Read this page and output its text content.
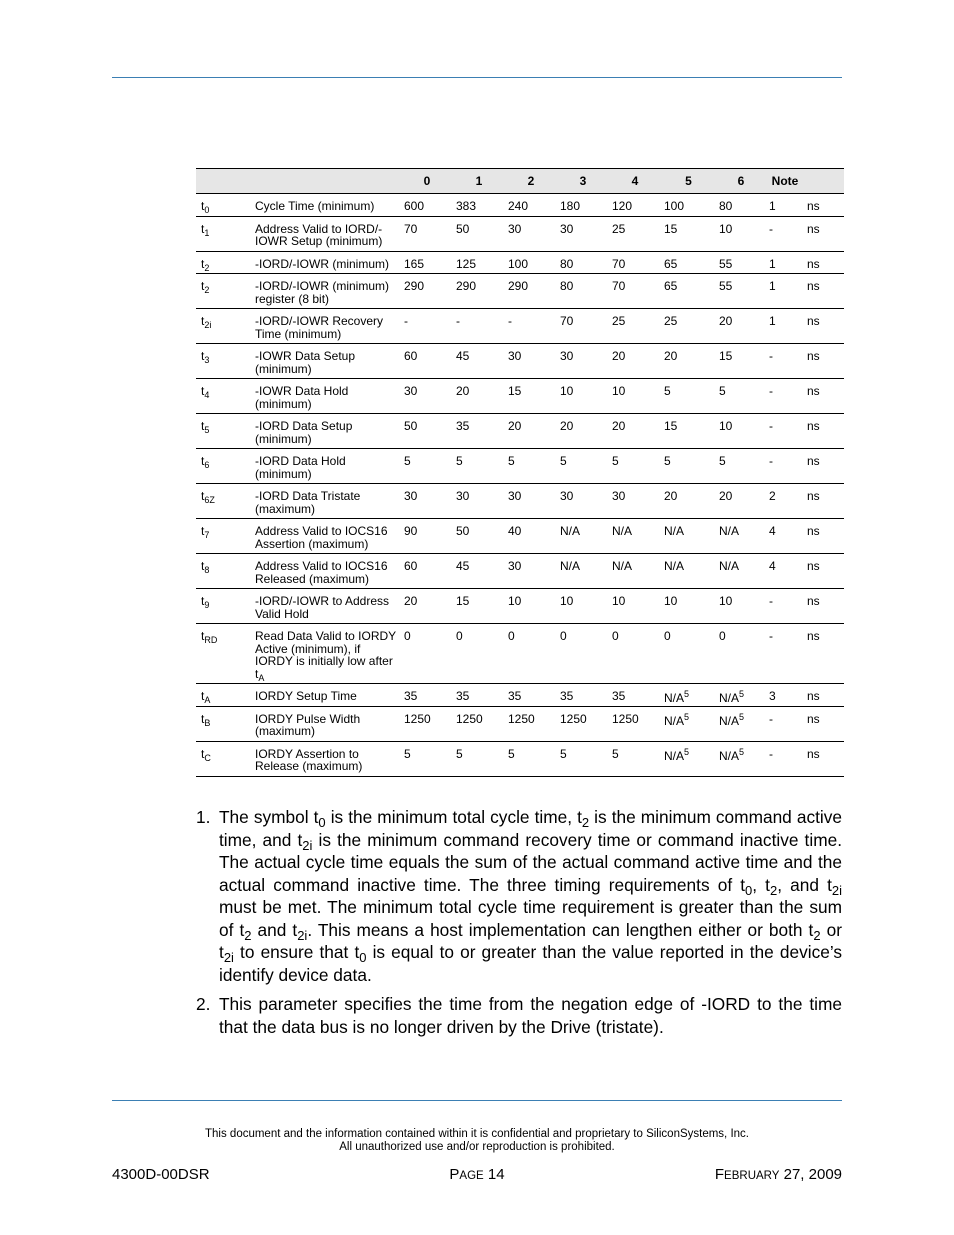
		0	1	2	3	4	5	6	Note	
$t_0$	Cycle Time (minimum)	600	383	240	180	120	100	80	1	ns
$t_1$	Address Valid to IORD/-IOWR Setup (minimum)	70	50	30	30	25	15	10	-	ns
$t_2$	-IORD/-IOWR (minimum)	165	125	100	80	70	65	55	1	ns
$t_2$	-IORD/-IOWR (minimum) register (8 bit)	290	290	290	80	70	65	55	1	ns
$t_{2i}$	-IORD/-IOWR Recovery Time (minimum)	-	-	-	70	25	25	20	1	ns
$t_3$	-IOWR Data Setup (minimum)	60	45	30	30	20	20	15	-	ns
$t_4$	-IOWR Data Hold (minimum)	30	20	15	10	10	5	5	-	ns
$t_5$	-IORD Data Setup (minimum)	50	35	20	20	20	15	10	-	ns
$t_6$	-IORD Data Hold (minimum)	5	5	5	5	5	5	5	-	ns
$t_{6Z}$	-IORD Data Tristate (maximum)	30	30	30	30	30	20	20	2	ns
$t_7$	Address Valid to IOCS16 Assertion (maximum)	90	50	40	N/A	N/A	N/A	N/A	4	ns
$t_8$	Address Valid to IOCS16 Released (maximum)	60	45	30	N/A	N/A	N/A	N/A	4	ns
$t_9$	-IORD/-IOWR to Address Valid Hold	20	15	10	10	10	10	10	-	ns
$t_{RD}$	Read Data Valid to IORDY Active (minimum), if IORDY is initially low after $t_A$	0	0	0	0	0	0	0	-	ns
$t_A$	IORDY Setup Time	35	35	35	35	35	$N/A^5$	$N/A^5$	3	ns
$t_B$	IORDY Pulse Width (maximum)	1250	1250	1250	1250	1250	$N/A^5$	$N/A^5$	-	ns
$t_C$	IORDY Assertion to Release (maximum)	5	5	5	5	5	$N/A^5$	$N/A^5$	-	ns
1. The symbol $t_0$ is the minimum total cycle time, $t_2$ is the minimum command active time, and $t_{2i}$ is the minimum command recovery time or command inactive time. The actual cycle time equals the sum of the actual command active time and the actual command inactive time. The three timing requirements of $t_0$, $t_2$, and $t_{2i}$ must be met. The minimum total cycle time requirement is greater than the sum of $t_2$ and $t_{2i}$. This means a host implementation can lengthen either or both $t_2$ or $t_{2i}$ to ensure that $t_0$ is equal to or greater than the value reported in the device’s identify device data.
2. This parameter specifies the time from the negation edge of -IORD to the time that the data bus is no longer driven by the Drive (tristate).
This document and the information contained within it is confidential and proprietary to SiliconSystems, Inc.
All unauthorized use and/or reproduction is prohibited.
4300D-00DSR	PAGE 14	FEBRUARY 27, 2009
